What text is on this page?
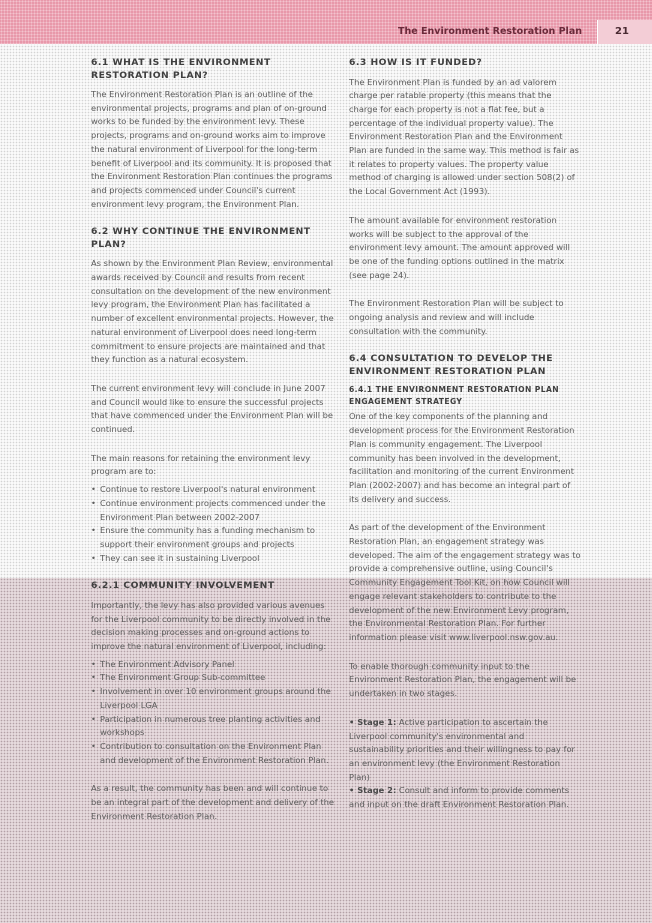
The Environment Restoration Plan	21
6.1 WHAT IS THE ENVIRONMENT RESTORATION PLAN?

The Environment Restoration Plan is an outline of the environmental projects, programs and plan of on-ground works to be funded by the environment levy. These projects, programs and on-ground works aim to improve the natural environment of Liverpool for the long-term benefit of Liverpool and its community. It is proposed that the Environment Restoration Plan continues the programs and projects commenced under Council's current environment levy program, the Environment Plan.

6.2 WHY CONTINUE THE ENVIRONMENT PLAN?

As shown by the Environment Plan Review, environmental awards received by Council and results from recent consultation on the development of the new environment levy program, the Environment Plan has facilitated a number of excellent environmental projects. However, the natural environment of Liverpool does need long-term commitment to ensure projects are maintained and that they function as a natural ecosystem.

The current environment levy will conclude in June 2007 and Council would like to ensure the successful projects that have commenced under the Environment Plan will be continued.

The main reasons for retaining the environment levy program are to:

• Continue to restore Liverpool's natural environment
• Continue environment projects commenced under the Environment Plan between 2002-2007
• Ensure the community has a funding mechanism to support their environment groups and projects
• They can see it in sustaining Liverpool
6.2.1 COMMUNITY INVOLVEMENT

Importantly, the levy has also provided various avenues for the Liverpool community to be directly involved in the decision making processes and on-ground actions to improve the natural environment of Liverpool, including:

• The Environment Advisory Panel
• The Environment Group Sub-committee
• Involvement in over 10 environment groups around the Liverpool LGA
• Participation in numerous tree planting activities and workshops
• Contribution to consultation on the Environment Plan and development of the Environment Restoration Plan.

As a result, the community has been and will continue to be an integral part of the development and delivery of the Environment Restoration Plan.

6.3 HOW IS IT FUNDED?

The Environment Plan is funded by an ad valorem charge per ratable property (this means that the charge for each property is not a flat fee, but a percentage of the individual property value). The Environment Restoration Plan and the Environment Plan are funded in the same way. This method is fair as it relates to property values. The property value method of charging is allowed under section 508(2) of the Local Government Act (1993).

The amount available for environment restoration works will be subject to the approval of the environment levy amount. The amount approved will be one of the funding options outlined in the matrix (see page 24).

The Environment Restoration Plan will be subject to ongoing analysis and review and will include consultation with the community.

6.4 CONSULTATION TO DEVELOP THE ENVIRONMENT RESTORATION PLAN
6.4.1 THE ENVIRONMENT RESTORATION PLAN ENGAGEMENT STRATEGY

One of the key components of the planning and development process for the Environment Restoration Plan is community engagement. The Liverpool community has been involved in the development, facilitation and monitoring of the current Environment Plan (2002-2007) and has become an integral part of its delivery and success.

As part of the development of the Environment Restoration Plan, an engagement strategy was developed. The aim of the engagement strategy was to provide a comprehensive outline, using Council's Community Engagement Tool Kit, on how Council will engage relevant stakeholders to contribute to the development of the new Environment Levy program, the Environmental Restoration Plan. For further information please visit www.liverpool.nsw.gov.au.

To enable thorough community input to the Environment Restoration Plan, the engagement will be undertaken in two stages.

• Stage 1: Active participation to ascertain the Liverpool community's environmental and sustainability priorities and their willingness to pay for an environment levy (the Environment Restoration Plan)

• Stage 2: Consult and inform to provide comments and input on the draft Environment Restoration Plan.
